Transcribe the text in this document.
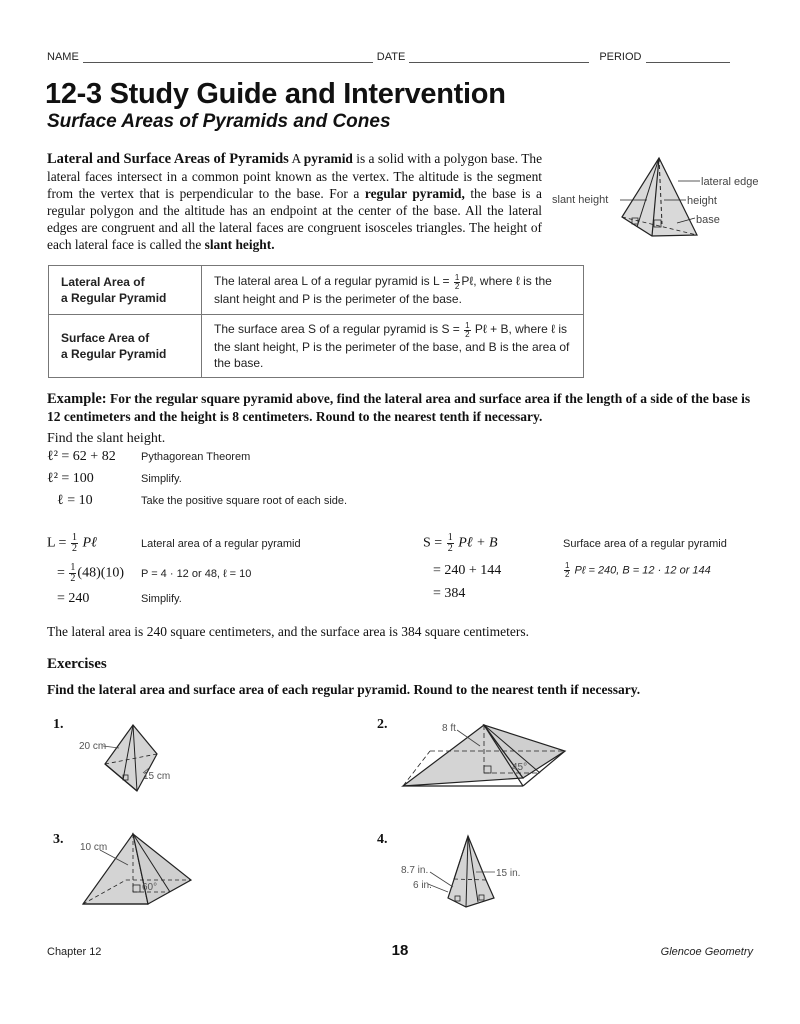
NAME	DATE	PERIOD
12-3 Study Guide and Intervention
Surface Areas of Pyramids and Cones
Lateral and Surface Areas of Pyramids A pyramid is a solid with a polygon base. The lateral faces intersect in a common point known as the vertex. The altitude is the segment from the vertex that is perpendicular to the base. For a regular pyramid, the base is a regular polygon and the altitude has an endpoint at the center of the base. All the lateral edges are congruent and all the lateral faces are congruent isosceles triangles. The height of each lateral face is called the slant height.
lateral edge
slant height	height
base
Lateral Area of
a Regular Pyramid
	The lateral area L of a regular pyramid is $L = \frac{1}{2}$ Pℓ, where ℓ is the slant height and P is the perimeter of the base.

Surface Area of
a Regular Pyramid
	The surface area S of a regular pyramid is $S = \frac{1}{2}$ Pℓ + B, where ℓ is the slant height, P is the perimeter of the base, and B is the area of the base.
Example: For the regular square pyramid above, find the lateral area and surface area if the length of a side of the base is 12 centimeters and the height is 8 centimeters. Round to the nearest tenth if necessary.
Find the slant height.
ℓ² = 62 + 82	Pythagorean Theorem
ℓ² = 100	Simplify.
ℓ = 10	Take the positive square root of each side.
$L = \frac{1}{2}$ Pℓ	Lateral area of a regular pyramid
= $\frac{1}{2} (48)(10)$	P = 4 · 12 or 48, ℓ = 10
= 240	Simplify.
$S = \frac{1}{2}$ Pℓ + B	Surface area of a regular pyramid
= 240 + 144	$\frac{1}{2}$ Pℓ = 240, B = 12 · 12 or 144
= 384
The lateral area is 240 square centimeters, and the surface area is 384 square centimeters.
Exercises
Find the lateral area and surface area of each regular pyramid. Round to the nearest tenth if necessary.
1.
20 cm
15 cm
2.	8 ft
45°
3.
10 cm
60°
4.
8.7 in.
6 in.
15 in.
Chapter 12	18	Glencoe Geometry
